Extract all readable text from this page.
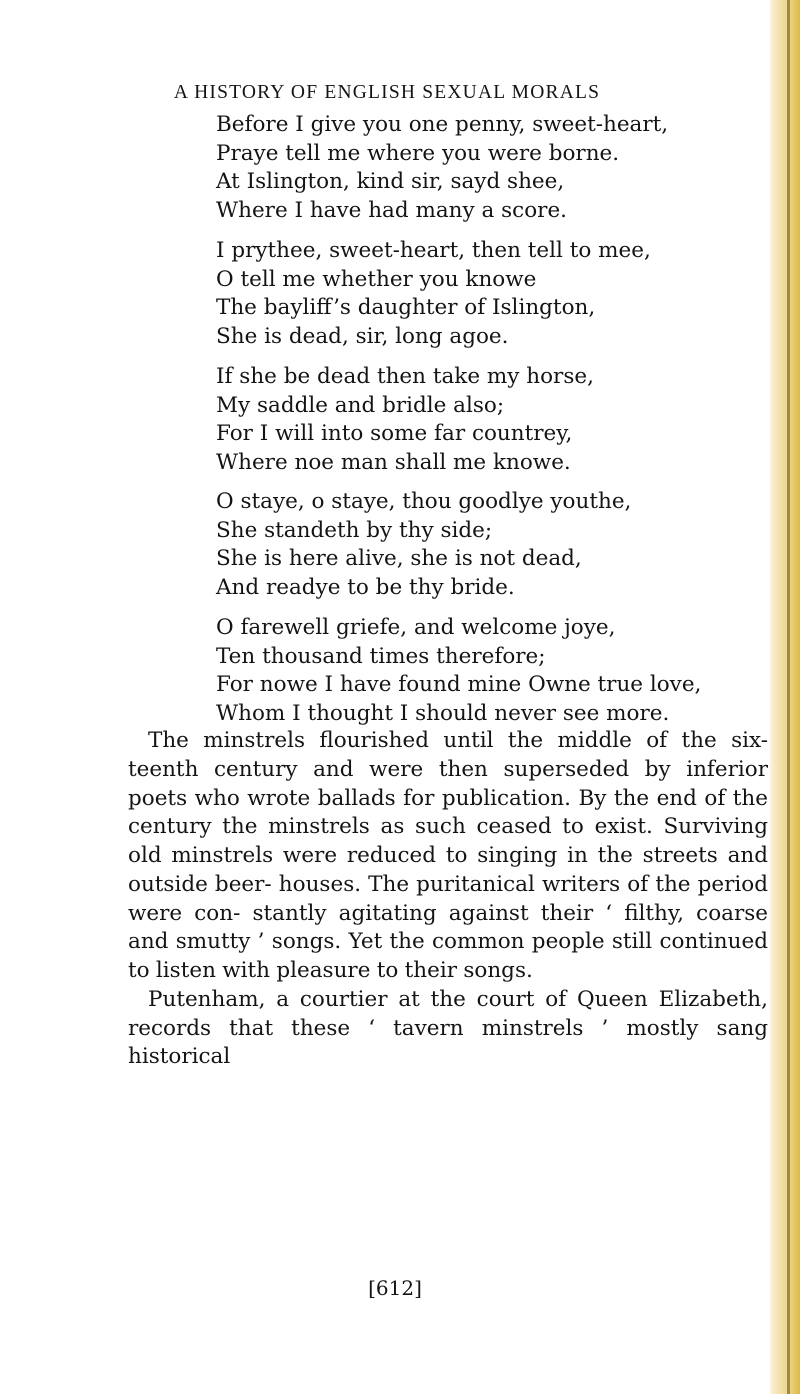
A HISTORY OF ENGLISH SEXUAL MORALS
Before I give you one penny, sweet-heart,
Praye tell me where you were borne.
At Islington, kind sir, sayd shee,
Where I have had many a score.
I prythee, sweet-heart, then tell to mee,
O tell me whether you knowe
The bayliff’s daughter of Islington,
She is dead, sir, long agoe.
If she be dead then take my horse,
My saddle and bridle also;
For I will into some far countrey,
Where noe man shall me knowe.
O staye, o staye, thou goodlye youthe,
She standeth by thy side;
She is here alive, she is not dead,
And readye to be thy bride.
O farewell griefe, and welcome joye,
Ten thousand times therefore;
For nowe I have found mine Owne true love,
Whom I thought I should never see more.

The minstrels flourished until the middle of the six- teenth century and were then superseded by inferior poets who wrote ballads for publication. By the end of the century the minstrels as such ceased to exist. Surviving old minstrels were reduced to singing in the streets and outside beer- houses. The puritanical writers of the period were con- stantly agitating against their ‘ filthy, coarse and smutty ’ songs. Yet the common people still continued to listen with pleasure to their songs.

Putenham, a courtier at the court of Queen Elizabeth, records that these ‘ tavern minstrels ’ mostly sang historical

[612]
